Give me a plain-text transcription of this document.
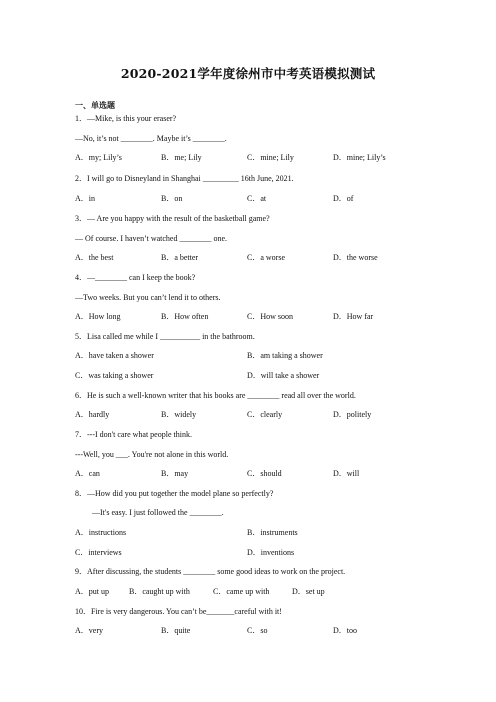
2020-2021学年度徐州市中考英语模拟测试
一、单选题
1．—Mike, is this your eraser?
—No, it’s not ________. Maybe it’s ________.
A．my; Lily’s	B．me; Lily	C．mine; Lily	D．mine; Lily’s
2．I will go to Disneyland in Shanghai _________ 16th June, 2021.
A．in	B．on	C．at	D．of
3．— Are you happy with the result of the basketball game?
— Of course. I haven’t watched ________ one.
A．the best	B．a better	C．a worse	D．the worse
4．—________ can I keep the book?
—Two weeks. But you can’t lend it to others.
A．How long	B．How often	C．How soon	D．How far
5．Lisa called me while I __________ in the bathroom.
A．have taken a shower	B．am taking a shower
C．was taking a shower	D．will take a shower
6．He is such a well-known writer that his books are ________ read all over the world.
A．hardly	B．widely	C．clearly	D．politely
7．---I don't care what people think.
---Well, you ___. You're not alone in this world.
A．can	B．may	C．should	D．will
8．—How did you put together the model plane so perfectly?
—It's easy. I just followed the ________.
A．instructions	B．instruments
C．interviews	D．inventions
9．After discussing, the students ________ some good ideas to work on the project.
A．put up	B．caught up with	C．came up with	D．set up
10．Fire is very dangerous. You can’t be_______careful with it!
A．very	B．quite	C．so	D．too
